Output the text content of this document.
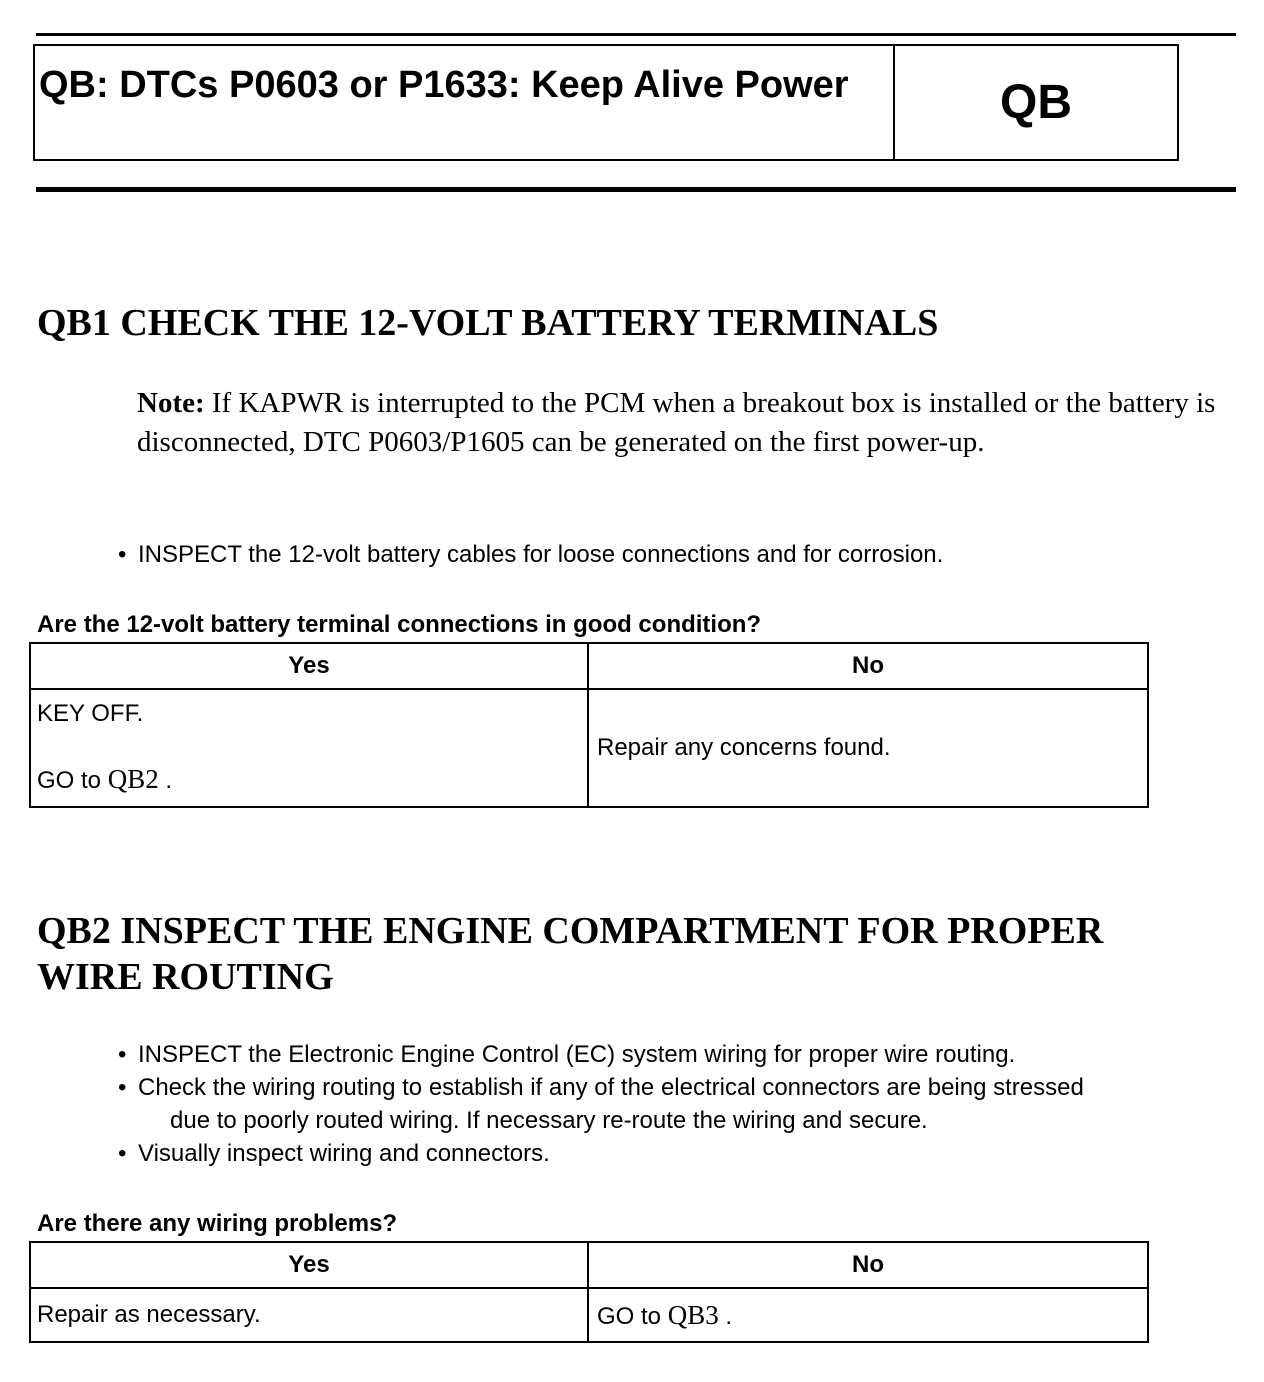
QB: DTCs P0603 or P1633: Keep Alive Power	QB
QB1 CHECK THE 12-VOLT BATTERY TERMINALS
Note: If KAPWR is interrupted to the PCM when a breakout box is installed or the battery is disconnected, DTC P0603/P1605 can be generated on the first power-up.
• INSPECT the 12-volt battery cables for loose connections and for corrosion.
Are the 12-volt battery terminal connections in good condition?
Yes	No

KEY OFF.
GO to QB2 .	Repair any concerns found.
QB2 INSPECT THE ENGINE COMPARTMENT FOR PROPER WIRE ROUTING
• INSPECT the Electronic Engine Control (EC) system wiring for proper wire routing.
• Check the wiring routing to establish if any of the electrical connectors are being stressed
due to poorly routed wiring. If necessary re-route the wiring and secure.
• Visually inspect wiring and connectors.
Are there any wiring problems?
Yes	No
Repair as necessary.	GO to QB3 .
